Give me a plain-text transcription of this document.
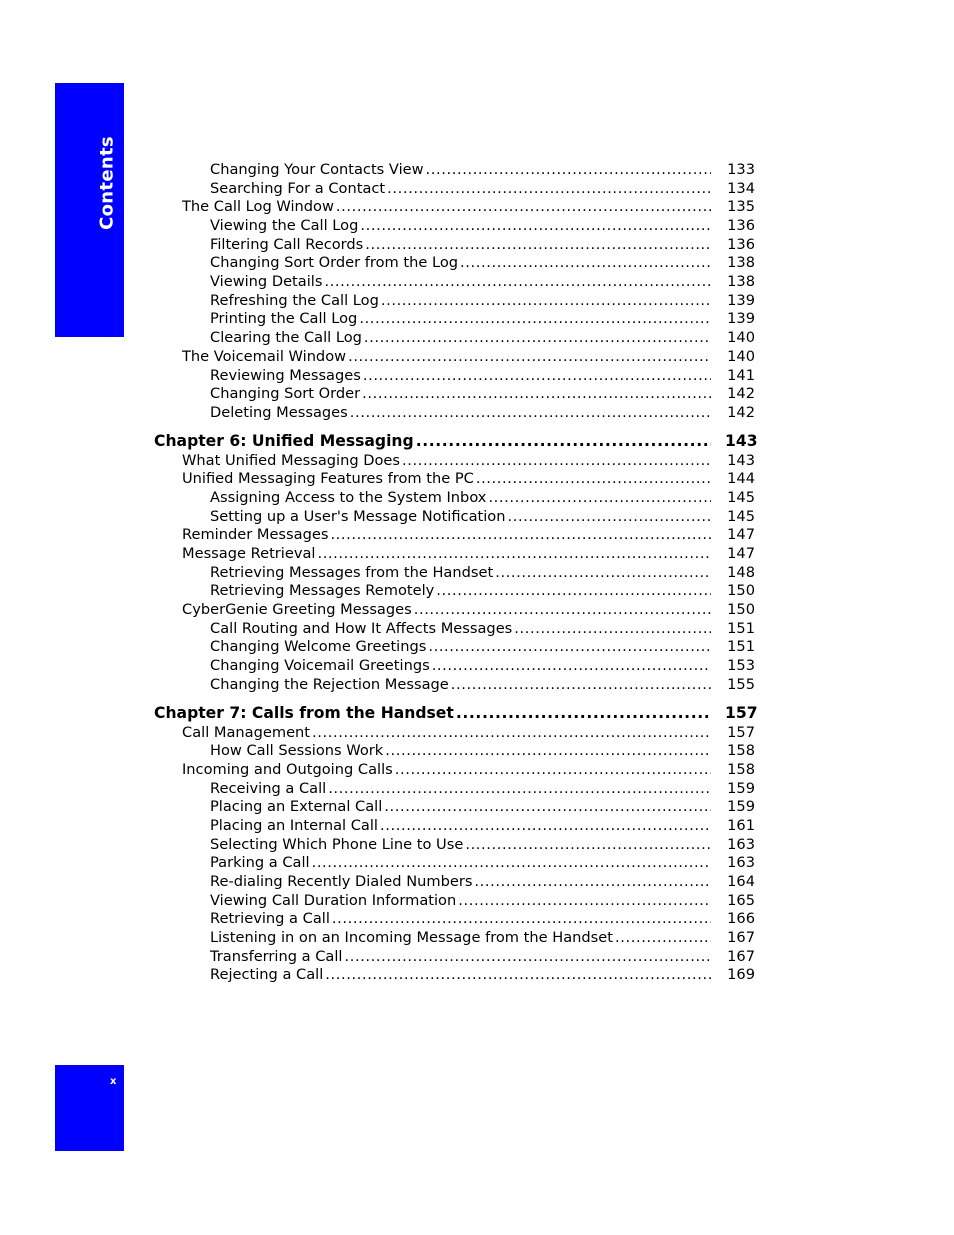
Contents
x
Changing Your Contacts View .....	133
Searching For a Contact .....	134
The Call Log Window .....	135
Viewing the Call Log .....	136
Filtering Call Records .....	136
Changing Sort Order from the Log .....	138
Viewing Details .....	138
Refreshing the Call Log .....	139
Printing the Call Log .....	139
Clearing the Call Log .....	140
The Voicemail Window .....	140
Reviewing Messages .....	141
Changing Sort Order .....	142
Deleting Messages .....	142
Chapter 6: Unified Messaging .....	143
What Unified Messaging Does .....	143
Unified Messaging Features from the PC .....	144
Assigning Access to the System Inbox .....	145
Setting up a User's Message Notification .....	145
Reminder Messages .....	147
Message Retrieval .....	147
Retrieving Messages from the Handset .....	148
Retrieving Messages Remotely .....	150
CyberGenie Greeting Messages .....	150
Call Routing and How It Affects Messages .....	151
Changing Welcome Greetings .....	151
Changing Voicemail Greetings .....	153
Changing the Rejection Message .....	155
Chapter 7: Calls from the Handset .....	157
Call Management .....	157
How Call Sessions Work .....	158
Incoming and Outgoing Calls .....	158
Receiving a Call .....	159
Placing an External Call .....	159
Placing an Internal Call .....	161
Selecting Which Phone Line to Use .....	163
Parking a Call .....	163
Re-dialing Recently Dialed Numbers .....	164
Viewing Call Duration Information .....	165
Retrieving a Call .....	166
Listening in on an Incoming Message from the Handset .....	167
Transferring a Call .....	167
Rejecting a Call .....	169
